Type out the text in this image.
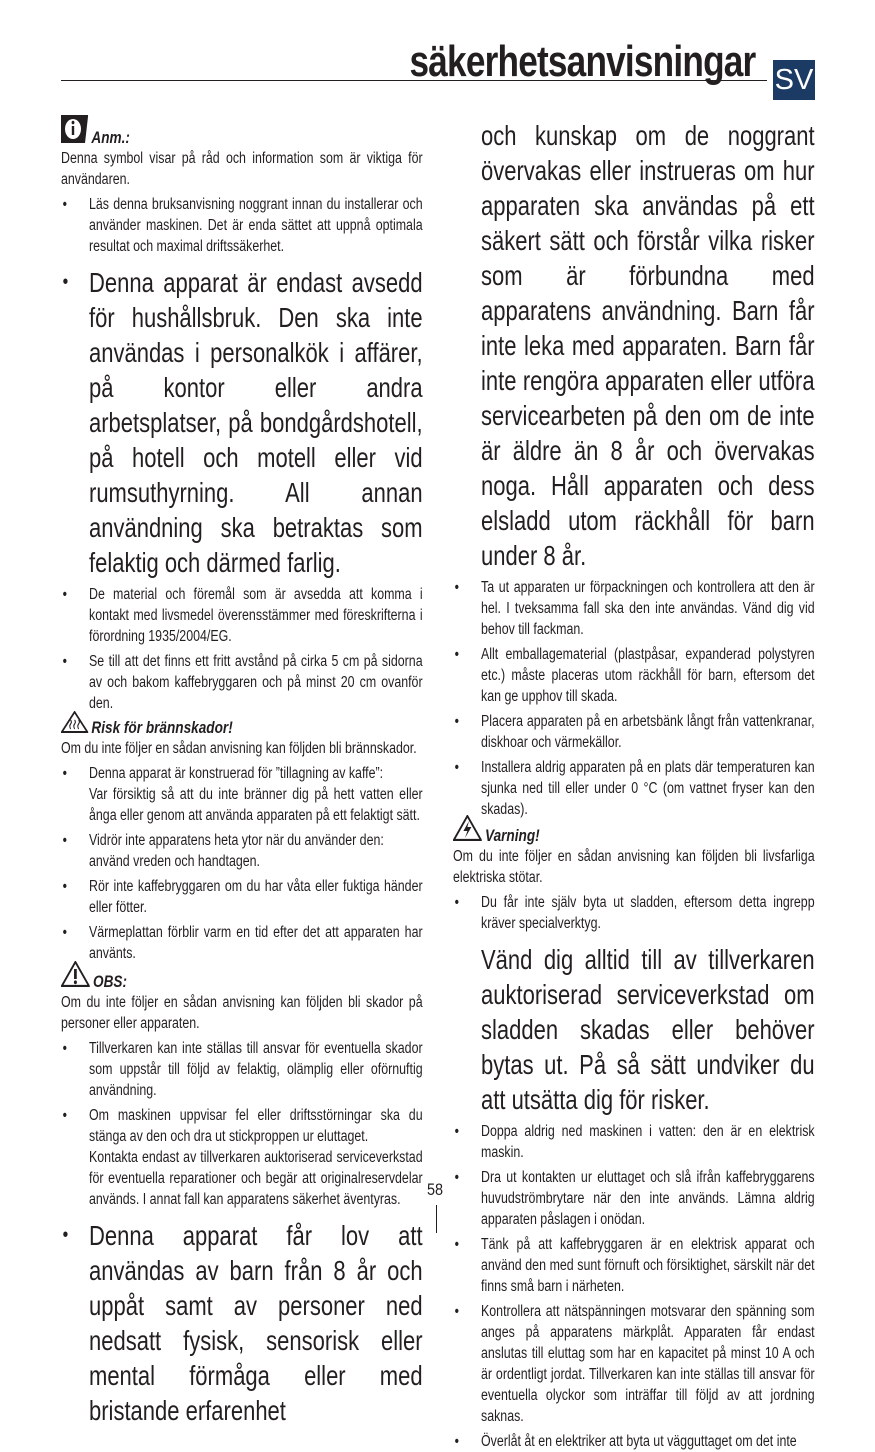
säkerhetsanvisningar SV
Anm.:

Denna symbol visar på råd och information som är viktiga för användaren.

• Läs denna bruksanvisning noggrant innan du installerar och använder maskinen. Det är enda sättet att uppnå optimala resultat och maximal driftssäkerhet.
• Denna apparat är endast avsedd för hushållsbruk. Den ska inte användas i personalkök i affärer, på kontor eller andra arbetsplatser, på bondgårdshotell, på hotell och motell eller vid rumsuthyrning. All annan användning ska betraktas som felaktig och därmed farlig.
• De material och föremål som är avsedda att komma i kontakt med livsmedel överensstämmer med föreskrifterna i förordning 1935/2004/EG.
• Se till att det finns ett fritt avstånd på cirka 5 cm på sidorna av och bakom kaffebryggaren och på minst 20 cm ovanför den.
Risk för brännskador!

Om du inte följer en sådan anvisning kan följden bli brännskador.

• Denna apparat är konstruerad för ”tillagning av kaffe”:
Var försiktig så att du inte bränner dig på hett vatten eller ånga eller genom att använda apparaten på ett felaktigt sätt.
• Vidrör inte apparatens heta ytor när du använder den:
använd vreden och handtagen.
• Rör inte kaffebryggaren om du har våta eller fuktiga händer eller fötter.
• Värmeplattan förblir varm en tid efter det att apparaten har använts.
OBS:

Om du inte följer en sådan anvisning kan följden bli skador på personer eller apparaten.

• Tillverkaren kan inte ställas till ansvar för eventuella skador som uppstår till följd av felaktig, olämplig eller oförnuftig användning.
• Om maskinen uppvisar fel eller driftsstörningar ska du stänga av den och dra ut stickproppen ur eluttaget.
Kontakta endast av tillverkaren auktoriserad serviceverkstad för eventuella reparationer och begär att originalreservdelar används. I annat fall kan apparatens säkerhet äventyras.
• Denna apparat får lov att användas av barn från 8 år och uppåt samt av personer ned nedsatt fysisk, sensorisk eller mental förmåga eller med bristande erfarenhet

och kunskap om de noggrant övervakas eller instrueras om hur apparaten ska användas på ett säkert sätt och förstår vilka risker som är förbundna med apparatens användning. Barn får inte leka med apparaten. Barn får inte rengöra apparaten eller utföra servicearbeten på den om de inte är äldre än 8 år och övervakas noga. Håll apparaten och dess elsladd utom räckhåll för barn under 8 år.

• Ta ut apparaten ur förpackningen och kontrollera att den är hel. I tveksamma fall ska den inte användas. Vänd dig vid behov till fackman.
• Allt emballagematerial (plastpåsar, expanderad polystyren etc.) måste placeras utom räckhåll för barn, eftersom det kan ge upphov till skada.
• Placera apparaten på en arbetsbänk långt från vattenkranar, diskhoar och värmekällor.
• Installera aldrig apparaten på en plats där temperaturen kan sjunka ned till eller under 0 °C (om vattnet fryser kan den skadas).
Varning!

Om du inte följer en sådan anvisning kan följden bli livsfarliga elektriska stötar.

• Du får inte själv byta ut sladden, eftersom detta ingrepp kräver specialverktyg.

Vänd dig alltid till av tillverkaren auktoriserad serviceverkstad om sladden skadas eller behöver bytas ut. På så sätt undviker du att utsätta dig för risker.

• Doppa aldrig ned maskinen i vatten: den är en elektrisk maskin.
• Dra ut kontakten ur eluttaget och slå ifrån kaffebryggarens huvudströmbrytare när den inte används. Lämna aldrig apparaten påslagen i onödan.
• Tänk på att kaffebryggaren är en elektrisk apparat och använd den med sunt förnuft och försiktighet, särskilt när det finns små barn i närheten.
• Kontrollera att nätspänningen motsvarar den spänning som anges på apparatens märkplåt. Apparaten får endast anslutas till eluttag som har en kapacitet på minst 10 A och är ordentligt jordat. Tillverkaren kan inte ställas till ansvar för eventuella olyckor som inträffar till följd av att jordning saknas.
• Överlåt åt en elektriker att byta ut vägguttaget om det inte
58
